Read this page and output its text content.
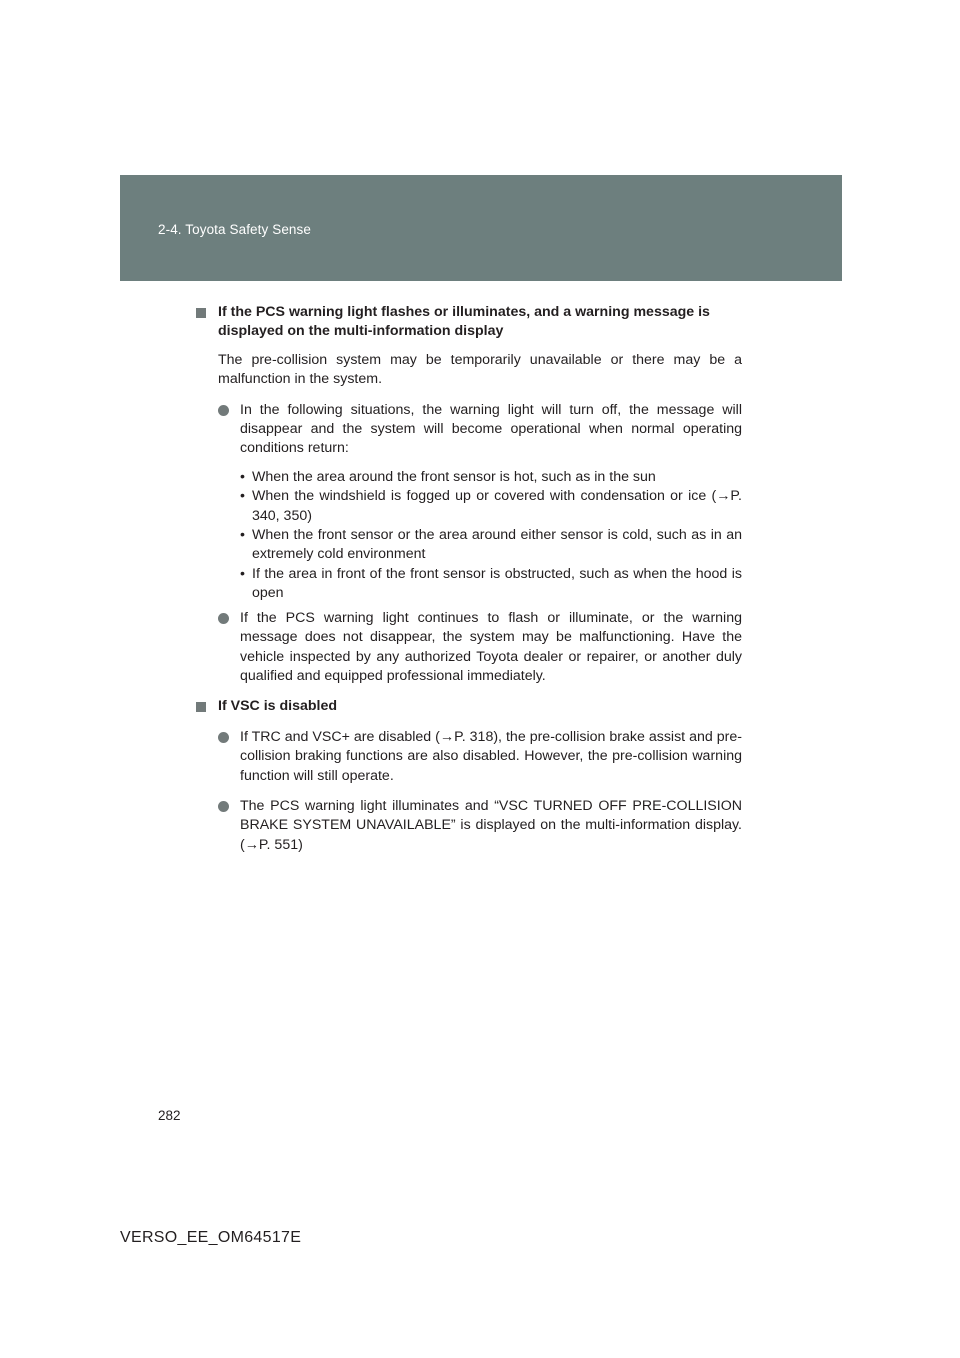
2-4. Toyota Safety Sense
If the PCS warning light flashes or illuminates, and a warning message is displayed on the multi-information display
The pre-collision system may be temporarily unavailable or there may be a malfunction in the system.
In the following situations, the warning light will turn off, the message will disappear and the system will become operational when normal operating conditions return:
• When the area around the front sensor is hot, such as in the sun
• When the windshield is fogged up or covered with condensation or ice (→P. 340, 350)
• When the front sensor or the area around either sensor is cold, such as in an extremely cold environment
• If the area in front of the front sensor is obstructed, such as when the hood is open
If the PCS warning light continues to flash or illuminate, or the warning message does not disappear, the system may be malfunctioning. Have the vehicle inspected by any authorized Toyota dealer or repairer, or another duly qualified and equipped professional immediately.
If VSC is disabled
If TRC and VSC+ are disabled (→P. 318), the pre-collision brake assist and pre-collision braking functions are also disabled. However, the pre-collision warning function will still operate.
The PCS warning light illuminates and “VSC TURNED OFF PRE-COLLISION BRAKE SYSTEM UNAVAILABLE” is displayed on the multi-information display. (→P. 551)
282
VERSO_EE_OM64517E
